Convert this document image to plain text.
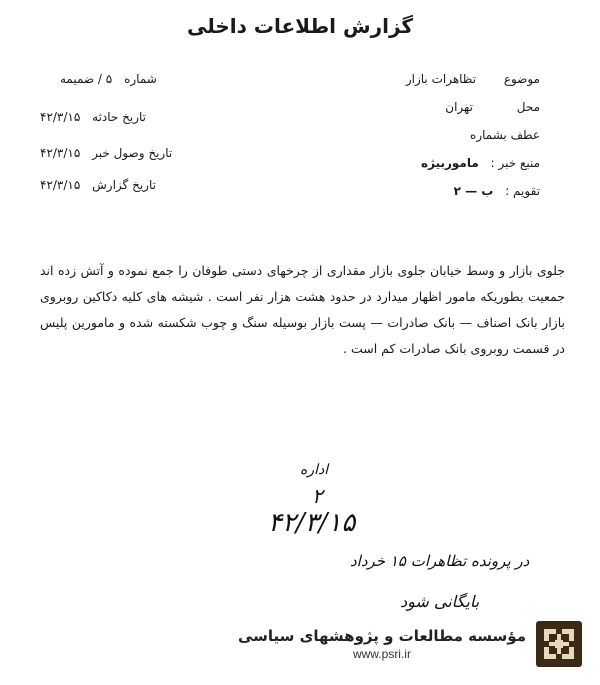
گزارش اطلاعات داخلی
موضوع تظاهرات بازار
محل تهران
عطف بشماره
منبع خبر : ماموربیژه
تقویم : ب — ۲
شماره ۵ / ضمیمه
تاریخ حادثه ۴۲/۳/۱۵
تاریخ وصول خبر ۴۲/۳/۱۵
تاریخ گزارش ۴۲/۳/۱۵
جلوی بازار و وسط خیابان جلوی بازار مقداری از چرخهای دستی طوفان را جمع نموده و آتش زده اند جمعیت بطوریکه مامور اظهار میدارد در حدود هشت هزار نفر است . شیشه های کلیه دکاکین روبروی بازار بانک اصناف — بانک صادرات — پست بازار بوسیله سنگ و چوب شکسته شده و مامورین پلیس در قسمت روبروی بانک صادرات کم است .
اداره
۲
۴۲/۳/۱۵
در پرونده تظاهرات ۱۵ خرداد
بایگانی شود
مؤسسه مطالعات و پژوهشهای سیاسی
www.psri.ir
